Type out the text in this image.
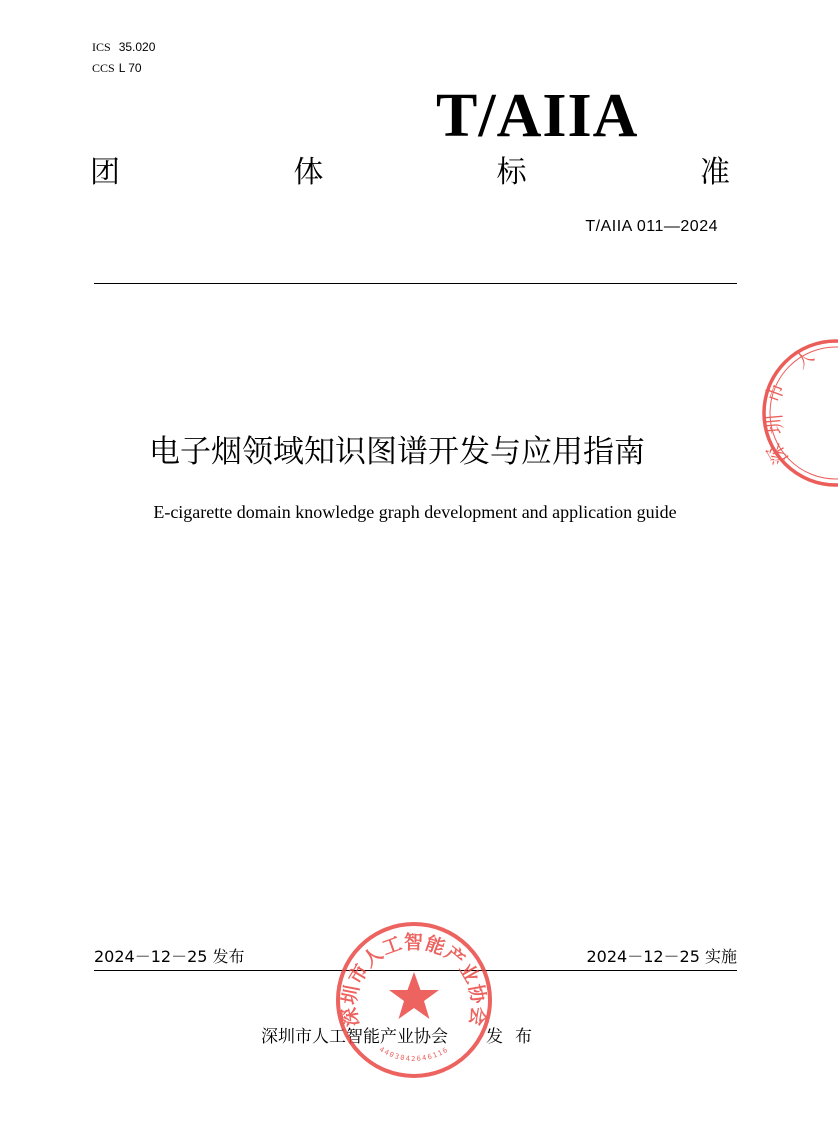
ICS 35.020
CCS L 70
T/AIIA
团	体	标	准
T/AIIA 011—2024
电子烟领域知识图谱开发与应用指南
E-cigarette domain knowledge graph development and application guide
2024－12－25 发布	2024－12－25 实施
深圳市人工智能产业协会 发布
市
圳
深
人
深圳市人工智能产业协会
4403042646116
